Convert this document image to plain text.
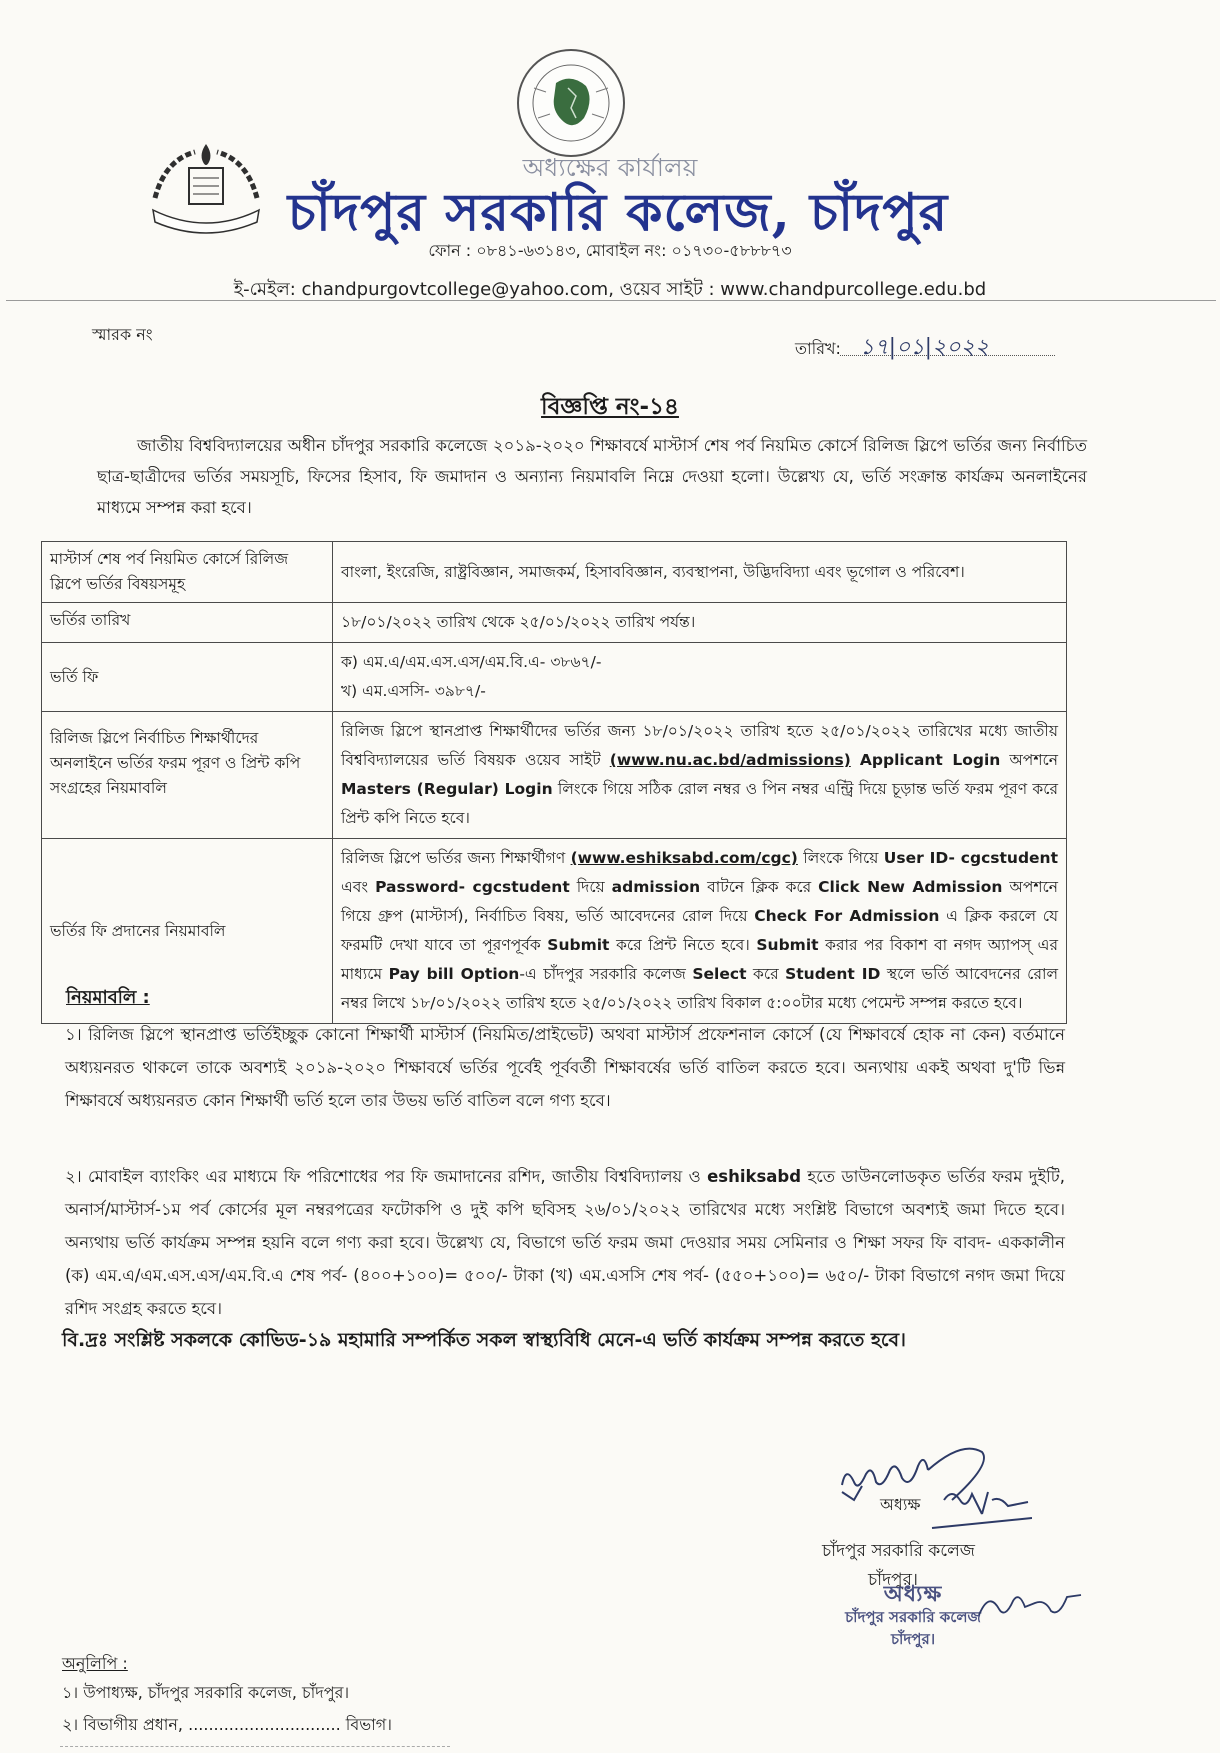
অধ্যক্ষের কার্যালয়
চাঁদপুর সরকারি কলেজ, চাঁদপুর
ফোন : ০৮৪১-৬৩১৪৩, মোবাইল নং: ০১৭৩০-৫৮৮৮৭৩
ই-মেইল: chandpurgovtcollege@yahoo.com, ওয়েব সাইট : www.chandpurcollege.edu.bd
স্মারক নং
তারিখ: ১৭|০১|২০২২
বিজ্ঞপ্তি নং-১৪

জাতীয় বিশ্ববিদ্যালয়ের অধীন চাঁদপুর সরকারি কলেজে ২০১৯-২০২০ শিক্ষাবর্ষে মাস্টার্স শেষ পর্ব নিয়মিত কোর্সে রিলিজ স্লিপে ভর্তির জন্য নির্বাচিত ছাত্র-ছাত্রীদের ভর্তির সময়সূচি, ফিসের হিসাব, ফি জমাদান ও অন্যান্য নিয়মাবলি নিম্নে দেওয়া হলো। উল্লেখ্য যে, ভর্তি সংক্রান্ত কার্যক্রম অনলাইনের মাধ্যমে সম্পন্ন করা হবে।

মাস্টার্স শেষ পর্ব নিয়মিত কোর্সে রিলিজ স্লিপে ভর্তির বিষয়সমূহ	বাংলা, ইংরেজি, রাষ্ট্রবিজ্ঞান, সমাজকর্ম, হিসাববিজ্ঞান, ব্যবস্থাপনা, উদ্ভিদবিদ্যা এবং ভূগোল ও পরিবেশ।
ভর্তির তারিখ	১৮/০১/২০২২ তারিখ থেকে ২৫/০১/২০২২ তারিখ পর্যন্ত।
ভর্তি ফি	ক) এম.এ/এম.এস.এস/এম.বি.এ- ৩৮৬৭/-
খ) এম.এসসি- ৩৯৮৭/-

রিলিজ স্লিপে নির্বাচিত শিক্ষার্থীদের অনলাইনে ভর্তির ফরম পূরণ ও প্রিন্ট কপি সংগ্রহের নিয়মাবলি	রিলিজ স্লিপে স্থানপ্রাপ্ত শিক্ষার্থীদের ভর্তির জন্য ১৮/০১/২০২২ তারিখ হতে ২৫/০১/২০২২ তারিখের মধ্যে জাতীয় বিশ্ববিদ্যালয়ের ভর্তি বিষয়ক ওয়েব সাইট (www.nu.ac.bd/admissions) Applicant Login অপশনে Masters (Regular) Login লিংকে গিয়ে সঠিক রোল নম্বর ও পিন নম্বর এন্ট্রি দিয়ে চূড়ান্ত ভর্তি ফরম পূরণ করে প্রিন্ট কপি নিতে হবে।
ভর্তির ফি প্রদানের নিয়মাবলি	রিলিজ স্লিপে ভর্তির জন্য শিক্ষার্থীগণ (www.eshiksabd.com/cgc) লিংকে গিয়ে User ID- cgcstudent এবং Password- cgcstudent দিয়ে admission বাটনে ক্লিক করে Click New Admission অপশনে গিয়ে গ্রুপ (মাস্টার্স), নির্বাচিত বিষয়, ভর্তি আবেদনের রোল দিয়ে Check For Admission এ ক্লিক করলে যে ফরমটি দেখা যাবে তা পূরণপূর্বক Submit করে প্রিন্ট নিতে হবে। Submit করার পর বিকাশ বা নগদ অ্যাপস্ এর মাধ্যমে Pay bill Option-এ চাঁদপুর সরকারি কলেজ Select করে Student ID স্থলে ভর্তি আবেদনের রোল নম্বর লিখে ১৮/০১/২০২২ তারিখ হতে ২৫/০১/২০২২ তারিখ বিকাল ৫:০০টার মধ্যে পেমেন্ট সম্পন্ন করতে হবে।
নিয়মাবলি :

১। রিলিজ স্লিপে স্থানপ্রাপ্ত ভর্তিইচ্ছুক কোনো শিক্ষার্থী মাস্টার্স (নিয়মিত/প্রাইভেট) অথবা মাস্টার্স প্রফেশনাল কোর্সে (যে শিক্ষাবর্ষে হোক না কেন) বর্তমানে অধ্যয়নরত থাকলে তাকে অবশ্যই ২০১৯-২০২০ শিক্ষাবর্ষে ভর্তির পূর্বেই পূর্ববর্তী শিক্ষাবর্ষের ভর্তি বাতিল করতে হবে। অন্যথায় একই অথবা দু'টি ভিন্ন শিক্ষাবর্ষে অধ্যয়নরত কোন শিক্ষার্থী ভর্তি হলে তার উভয় ভর্তি বাতিল বলে গণ্য হবে।

২। মোবাইল ব্যাংকিং এর মাধ্যমে ফি পরিশোধের পর ফি জমাদানের রশিদ, জাতীয় বিশ্ববিদ্যালয় ও eshiksabd হতে ডাউনলোডকৃত ভর্তির ফরম দুইটি, অনার্স/মাস্টার্স-১ম পর্ব কোর্সের মূল নম্বরপত্রের ফটোকপি ও দুই কপি ছবিসহ ২৬/০১/২০২২ তারিখের মধ্যে সংশ্লিষ্ট বিভাগে অবশ্যই জমা দিতে হবে। অন্যথায় ভর্তি কার্যক্রম সম্পন্ন হয়নি বলে গণ্য করা হবে। উল্লেখ্য যে, বিভাগে ভর্তি ফরম জমা দেওয়ার সময় সেমিনার ও শিক্ষা সফর ফি বাবদ- এককালীন (ক) এম.এ/এম.এস.এস/এম.বি.এ শেষ পর্ব- (৪০০+১০০)= ৫০০/- টাকা (খ) এম.এসসি শেষ পর্ব- (৫৫০+১০০)= ৬৫০/- টাকা বিভাগে নগদ জমা দিয়ে রশিদ সংগ্রহ করতে হবে।

বি.দ্রঃ সংশ্লিষ্ট সকলকে কোভিড-১৯ মহামারি সম্পর্কিত সকল স্বাস্থ্যবিধি মেনে-এ ভর্তি কার্যক্রম সম্পন্ন করতে হবে।
অধ্যক্ষ
চাঁদপুর সরকারি কলেজ
চাঁদপুর।
অধ্যক্ষ
চাঁদপুর সরকারি কলেজ
চাঁদপুর।
অনুলিপি :
১। উপাধ্যক্ষ, চাঁদপুর সরকারি কলেজ, চাঁদপুর।
২। বিভাগীয় প্রধান, .............................. বিভাগ।
